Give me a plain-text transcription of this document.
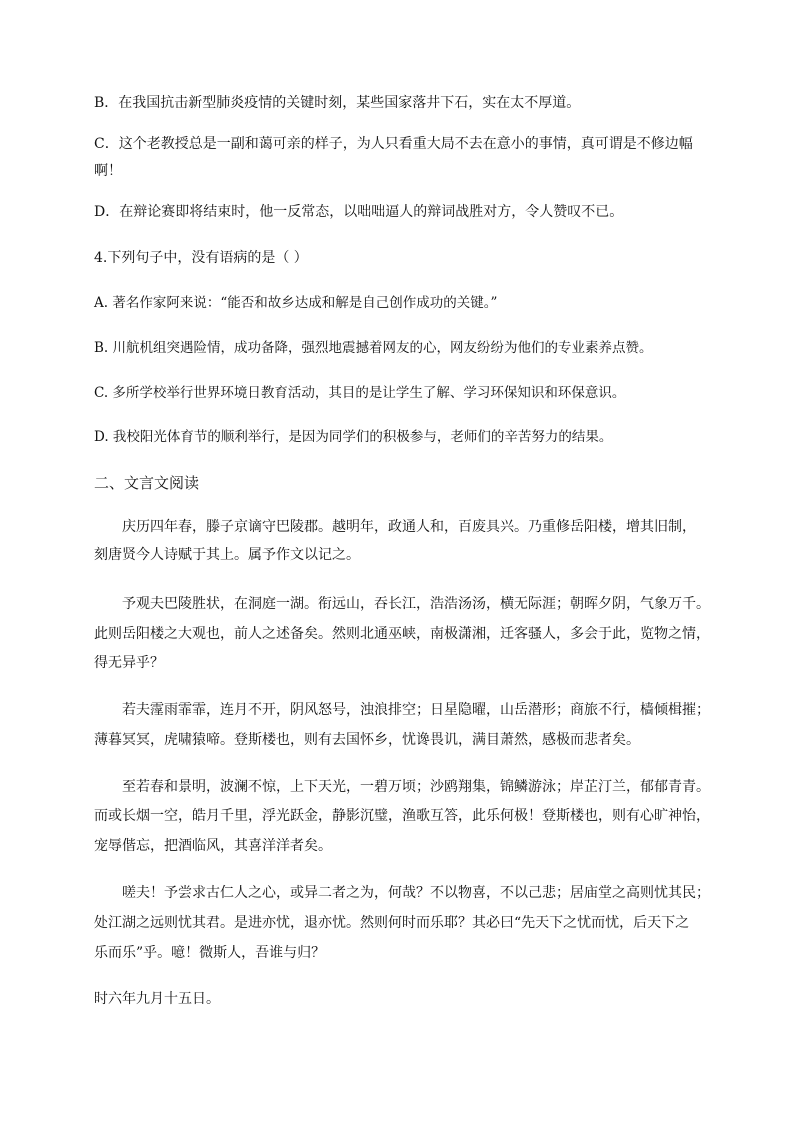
B．在我国抗击新型肺炎疫情的关键时刻，某些国家落井下石，实在太不厚道。
C．这个老教授总是一副和蔼可亲的样子，为人只看重大局不去在意小的事情，真可谓是不修边幅
啊！
D．在辩论赛即将结束时，他一反常态，以咄咄逼人的辩词战胜对方，令人赞叹不已。
4.下列句子中，没有语病的是（ ）
A. 著名作家阿来说：“能否和故乡达成和解是自己创作成功的关键。”
B. 川航机组突遇险情，成功备降，强烈地震撼着网友的心，网友纷纷为他们的专业素养点赞。
C. 多所学校举行世界环境日教育活动，其目的是让学生了解、学习环保知识和环保意识。
D. 我校阳光体育节的顺利举行，是因为同学们的积极参与，老师们的辛苦努力的结果。
二、文言文阅读
庆历四年春，滕子京谪守巴陵郡。越明年，政通人和，百废具兴。乃重修岳阳楼，增其旧制，
刻唐贤今人诗赋于其上。属予作文以记之。
予观夫巴陵胜状，在洞庭一湖。衔远山，吞长江，浩浩汤汤，横无际涯；朝晖夕阴，气象万千。
此则岳阳楼之大观也，前人之述备矣。然则北通巫峡，南极潇湘，迁客骚人，多会于此，览物之情，
得无异乎？
若夫霪雨霏霏，连月不开，阴风怒号，浊浪排空；日星隐曜，山岳潜形；商旅不行，樯倾楫摧；
薄暮冥冥，虎啸猿啼。登斯楼也，则有去国怀乡，忧谗畏讥，满目萧然，感极而悲者矣。
至若春和景明，波澜不惊，上下天光，一碧万顷；沙鸥翔集，锦鳞游泳；岸芷汀兰，郁郁青青。
而或长烟一空，皓月千里，浮光跃金，静影沉璧，渔歌互答，此乐何极！登斯楼也，则有心旷神怡，
宠辱偕忘，把酒临风，其喜洋洋者矣。
嗟夫！予尝求古仁人之心，或异二者之为，何哉？不以物喜，不以己悲；居庙堂之高则忧其民；
处江湖之远则忧其君。是进亦忧，退亦忧。然则何时而乐耶？其必曰“先天下之忧而忧，后天下之
乐而乐”乎。噫！微斯人，吾谁与归？
时六年九月十五日。
